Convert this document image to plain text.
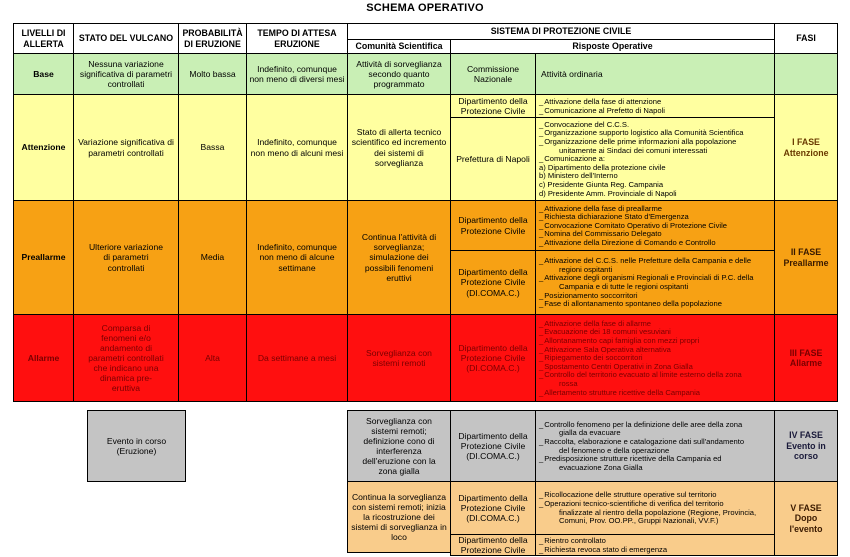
SCHEMA OPERATIVO
LIVELLI DI ALLERTA
STATO DEL VULCANO
PROBABILITÀ DI ERUZIONE
TEMPO DI ATTESA ERUZIONE
SISTEMA DI PROTEZIONE CIVILE
Comunità Scientifica	Risposte Operative
FASI
Base
Nessuna variazione significativa di parametri controllati
Molto bassa
Indefinito, comunque non meno di diversi mesi
Attività di sorveglianza secondo quanto programmato
Commissione Nazionale
Attività ordinaria
Attenzione
Variazione significativa di parametri controllati
Bassa
Indefinito, comunque non meno di alcuni mesi
Stato di allerta tecnico scientifico ed incremento dei sistemi di sorveglianza
Dipartimento della Protezione Civile
_ Attivazione della fase di attenzione
_ Comunicazione al Prefetto di Napoli
Prefettura di Napoli
_ Convocazione del C.C.S.
_ Organizzazione supporto logistico alla Comunità Scientifica
_ Organizzazione delle prime informazioni alla popolazione
unitamente ai Sindaci dei comuni interessati
_ Comunicazione a:
a) Dipartimento della protezione civile
b) Ministero dell'Interno
c) Presidente Giunta Reg. Campania
d) Presidente Amm. Provinciale di Napoli
I FASE Attenzione
Preallarme
Ulteriore variazione di parametri controllati
Media
Indefinito, comunque non meno di alcune settimane
Continua l'attività di sorveglianza; simulazione dei possibili fenomeni eruttivi
Dipartimento della Protezione Civile
_ Attivazione della fase di preallarme
_ Richiesta dichiarazione Stato d'Emergenza
_ Convocazione Comitato Operativo di Protezione Civile
_ Nomina del Commissario Delegato
_ Attivazione della Direzione di Comando e Controllo
Dipartimento della Protezione Civile (DI.COMA.C.)
_ Attivazione del C.C.S. nelle Prefetture della Campania e delle
regioni ospitanti
_ Attivazione degli organismi Regionali e Provinciali di P.C. della
Campania e di tutte le regioni ospitanti
_ Posizionamento soccorritori
_ Fase di allontanamento spontaneo della popolazione
II FASE Preallarme
Allarme
Comparsa di fenomeni e/o andamento di parametri controllati che indicano una dinamica pre-eruttiva
Alta	Da settimane a mesi
Sorveglianza con sistemi remoti
Dipartimento della Protezione Civile (DI.COMA.C.)
_ Attivazione della fase di allarme
_ Evacuazione dei 18 comuni vesuviani
_ Allontanamento capi famiglia con mezzi propri
_ Attivazione Sala Operativa alternativa
_ Ripiegamento dei soccorritori
_ Spostamento Centri Operativi in Zona Gialla
_ Controllo del territorio evacuato al limite esterno della zona
rossa
_ Allertamento strutture ricettive della Campania
III FASE Allarme
Evento in corso (Eruzione)
Sorveglianza con sistemi remoti; definizione cono di interferenza dell'eruzione con la zona gialla
Dipartimento della Protezione Civile (DI.COMA.C.)
_ Controllo fenomeno per la definizione delle aree della zona
gialla da evacuare
_ Raccolta, elaborazione e catalogazione dati sull'andamento
del fenomeno e della operazione
_ Predisposizione strutture ricettive della Campania ed
evacuazione Zona Gialla
IV FASE Evento in corso
Continua la sorveglianza con sistemi remoti; inizia la ricostruzione dei sistemi di sorveglianza in loco
Dipartimento della Protezione Civile (DI.COMA.C.)
_ Ricollocazione delle strutture operative sul territorio
_ Operazioni tecnico-scientifiche di verifica del territorio
finalizzate al rientro della popolazione (Regione, Provincia,
Comuni, Prov. OO.PP., Gruppi Nazionali, VV.F.)
Dipartimento della Protezione Civile
_ Rientro controllato
_ Richiesta revoca stato di emergenza
V FASE Dopo l'evento
